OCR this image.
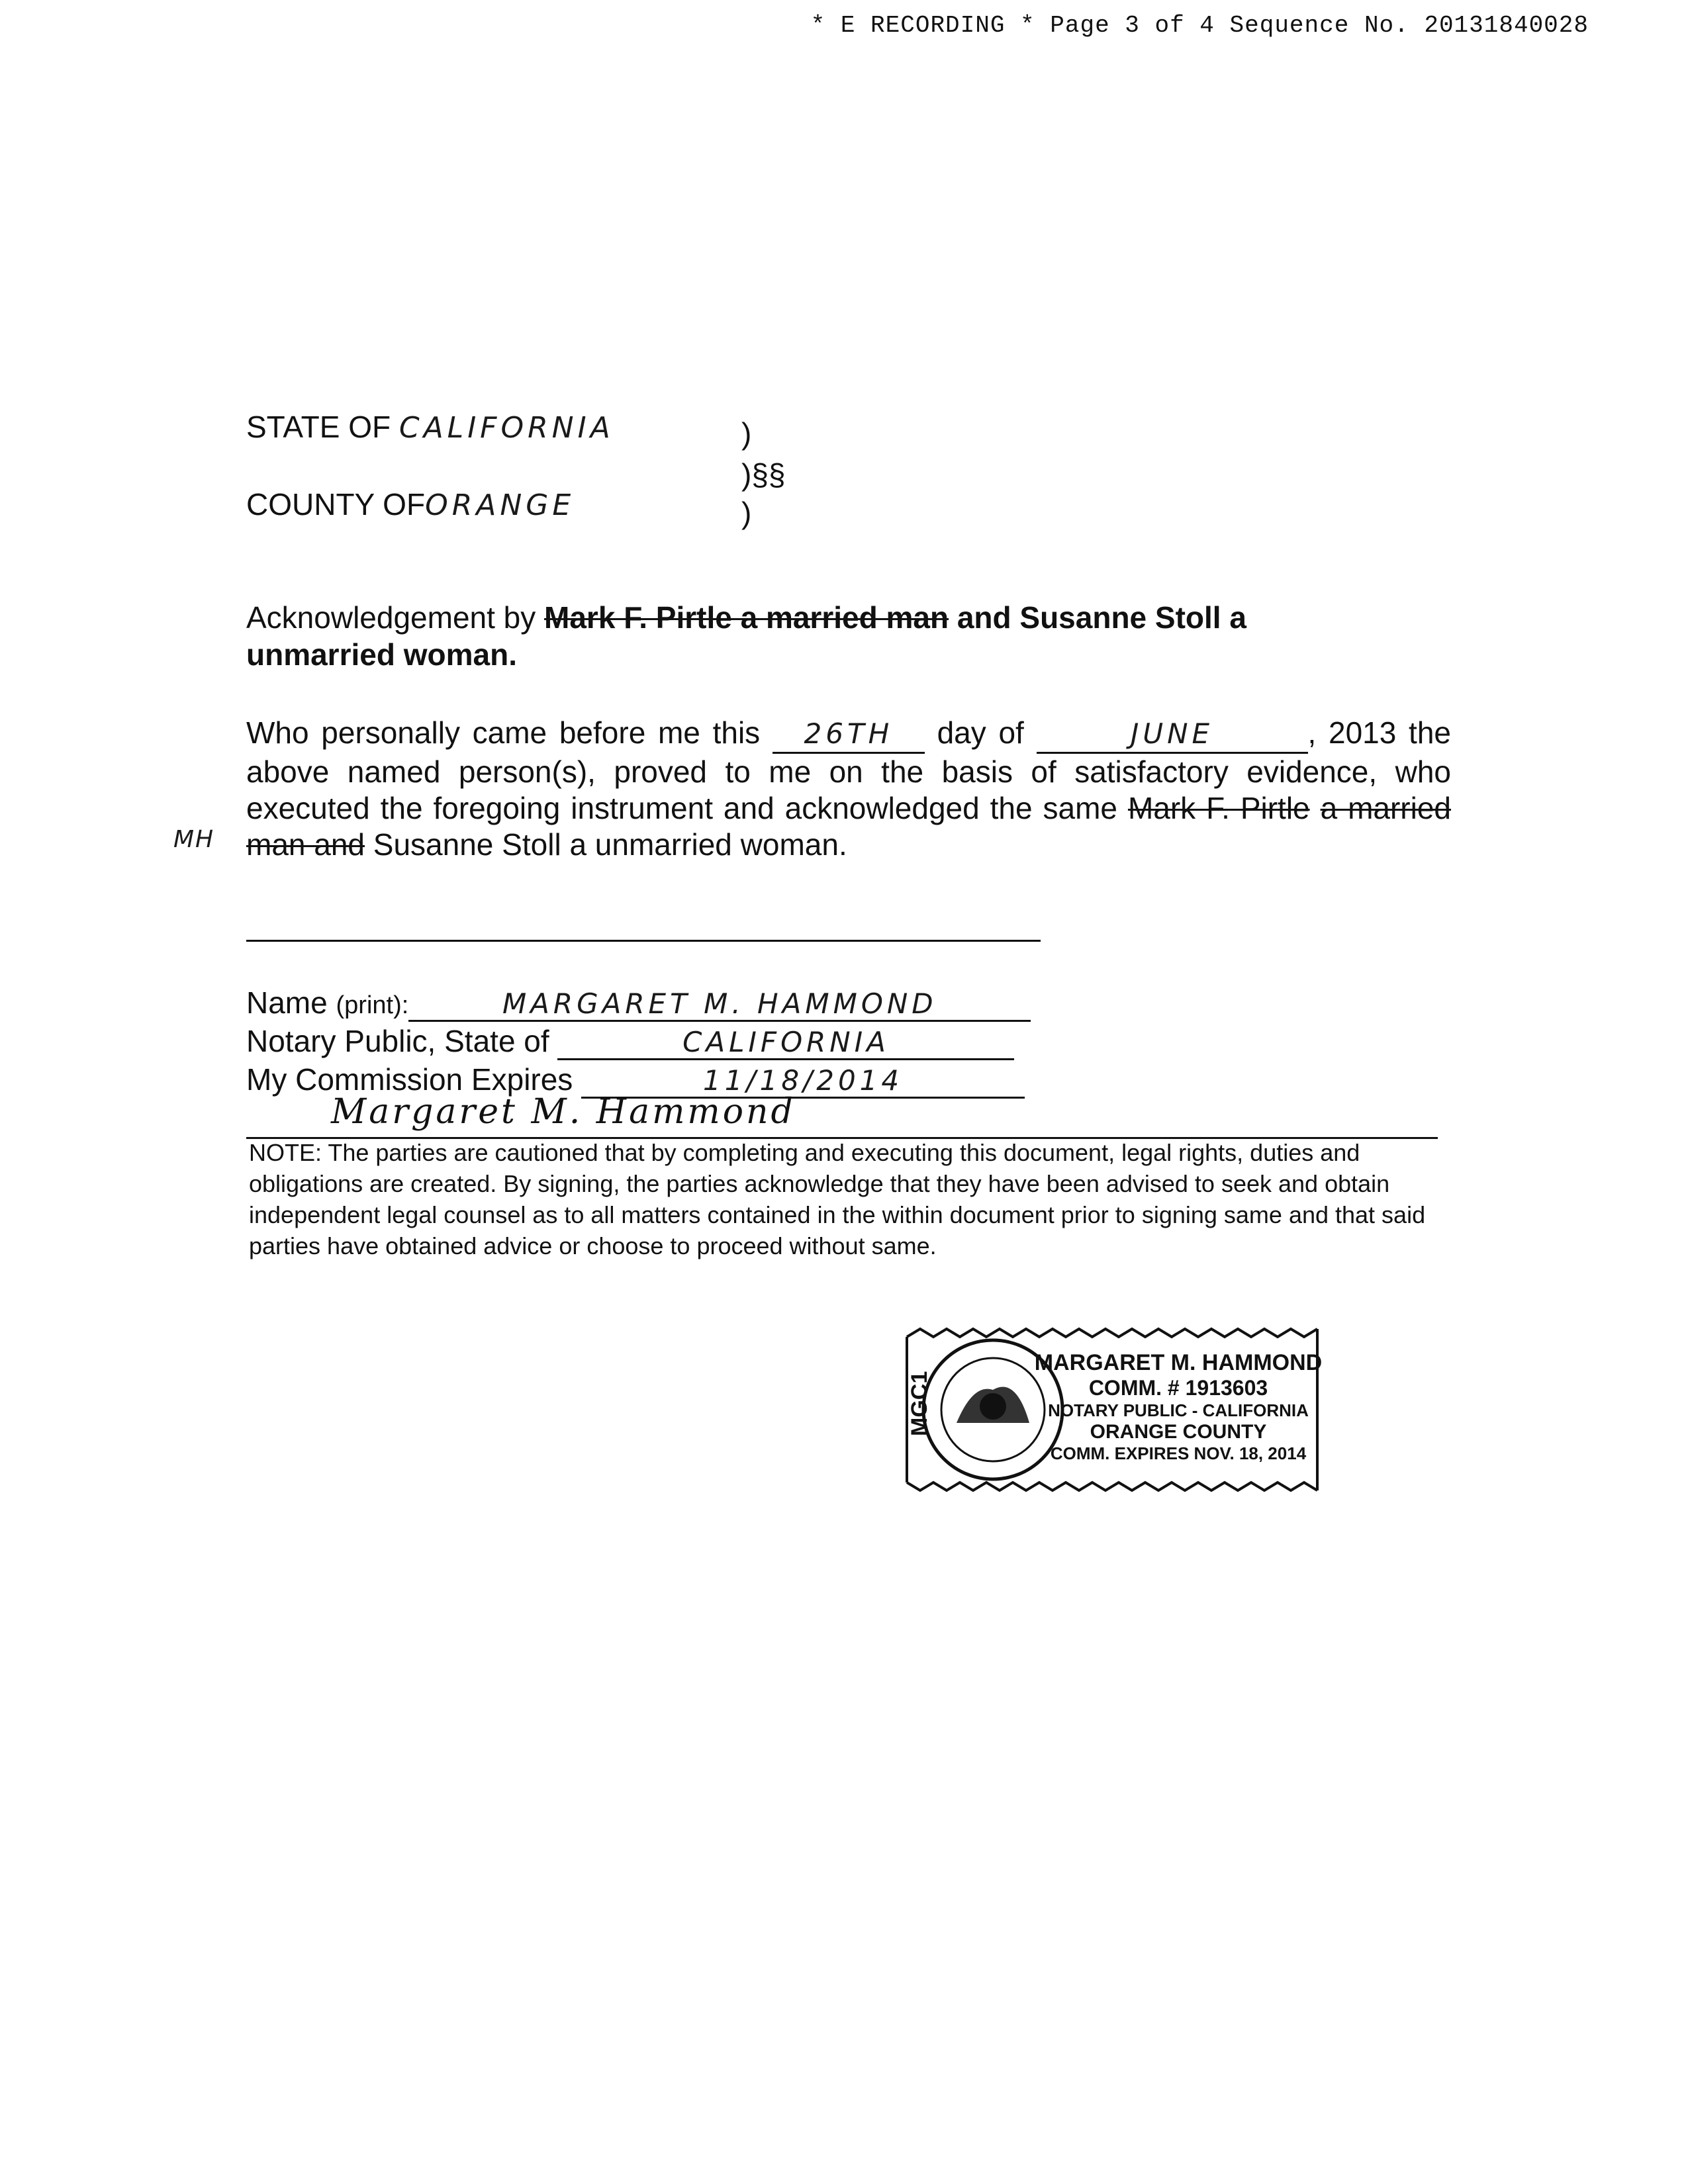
* E RECORDING * Page 3 of 4 Sequence No. 20131840028
STATE OF CALIFORNIA
COUNTY OFORANGE
)
)§§
)
Acknowledgement by Mark F. Pirtle a married man and Susanne Stoll a unmarried woman.
Who personally came before me this 26TH day of	JUNE	, 2013 the above named person(s), proved to me on the basis of satisfactory evidence, who executed the foregoing instrument and acknowledged the same Mark F. Pirtle a married man and Susanne Stoll a unmarried woman.
MH
Name (print):	MARGARET M. HAMMOND
Notary Public, State of	CALIFORNIA
My Commission Expires	11/18/2014
Margaret M. Hammond
NOTE: The parties are cautioned that by completing and executing this document, legal rights, duties and obligations are created. By signing, the parties acknowledge that they have been advised to seek and obtain independent legal counsel as to all matters contained in the within document prior to signing same and that said parties have obtained advice or choose to proceed without same.
MGC1
MARGARET M. HAMMOND
COMM. # 1913603
NOTARY PUBLIC - CALIFORNIA
ORANGE COUNTY
COMM. EXPIRES NOV. 18, 2014
